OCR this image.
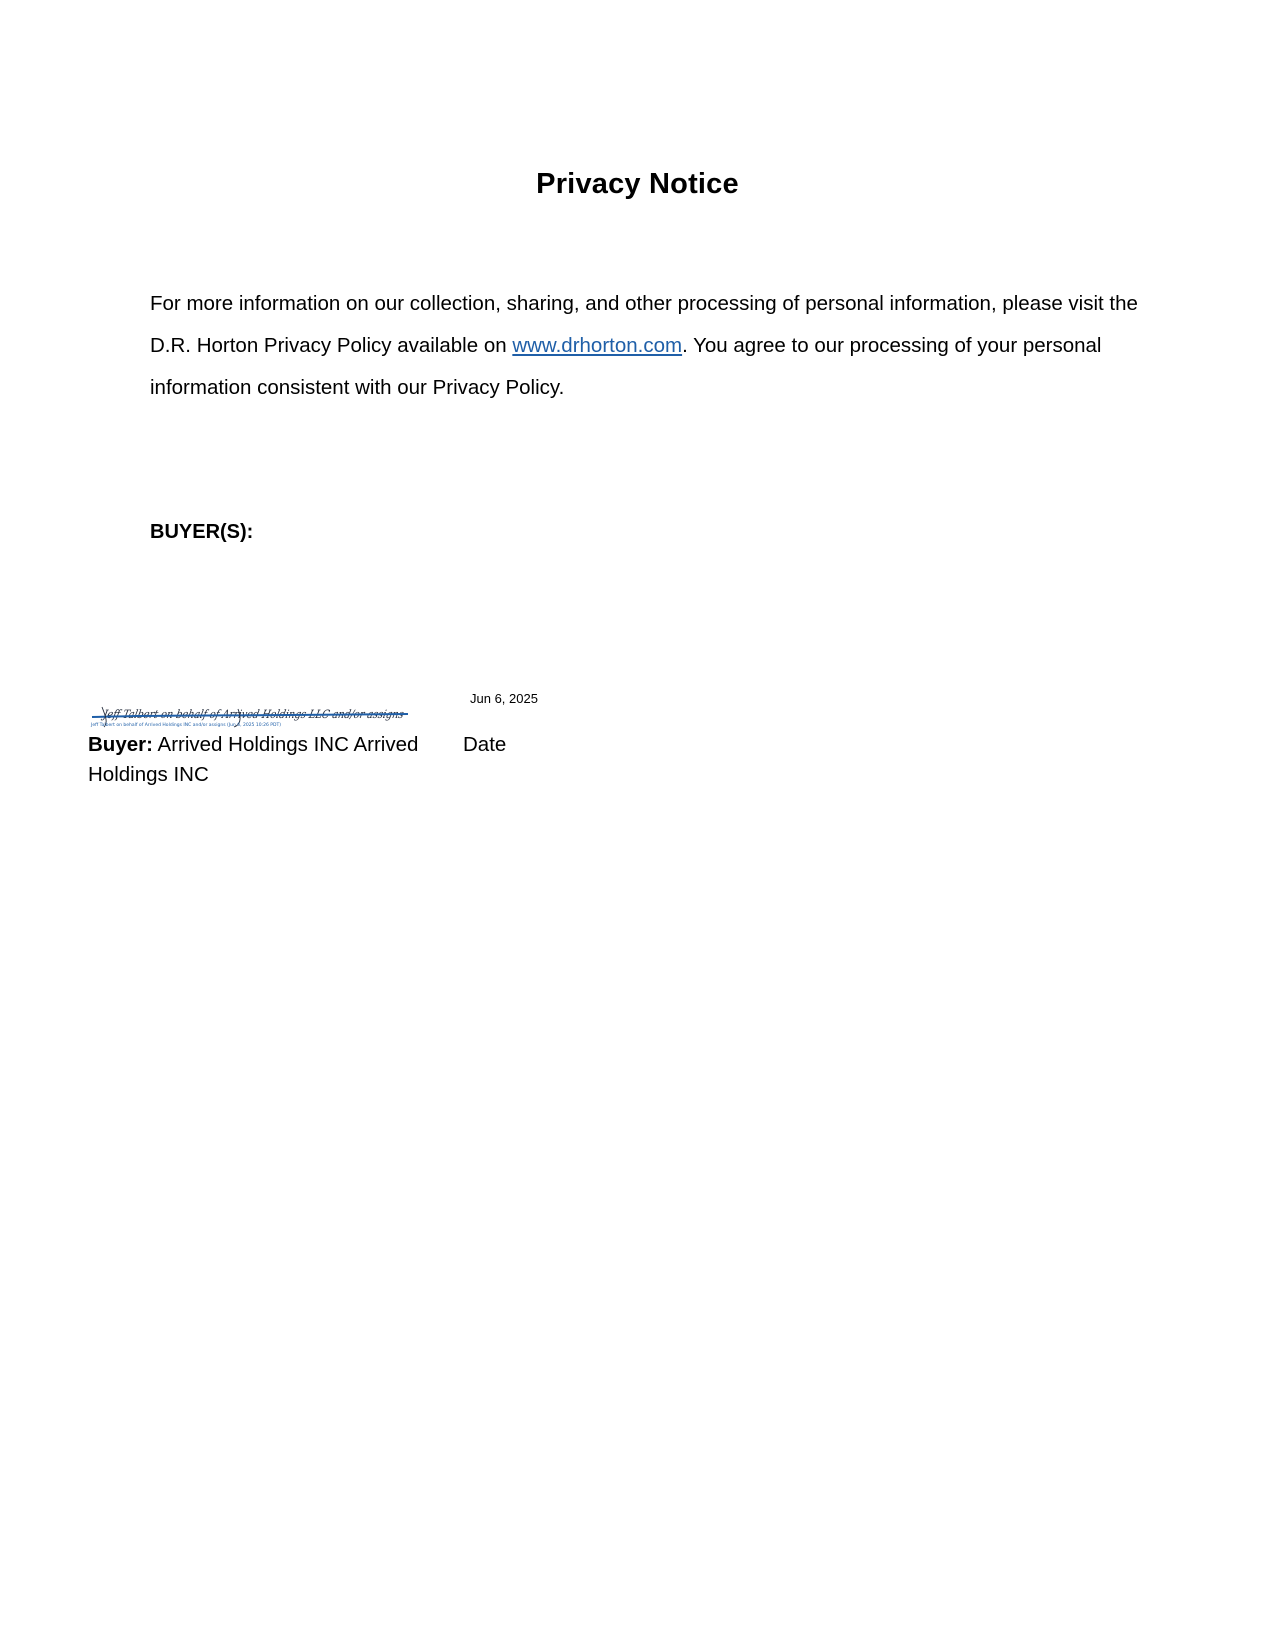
Privacy Notice

For more information on our collection, sharing, and other processing of personal information, please visit the D.R. Horton Privacy Policy available on www.drhorton.com. You agree to our processing of your personal information consistent with our Privacy Policy.

BUYER(S):
Jun 6, 2025
Jeff Talbert on behalf of Arrived Holdings LLC and/or assigns
Jeff Talbert on behalf of Arrived Holdings INC and/or assigns (Jun 6, 2025 10:26 PDT)
Buyer: Arrived Holdings INC Arrived Holdings INC
Date
